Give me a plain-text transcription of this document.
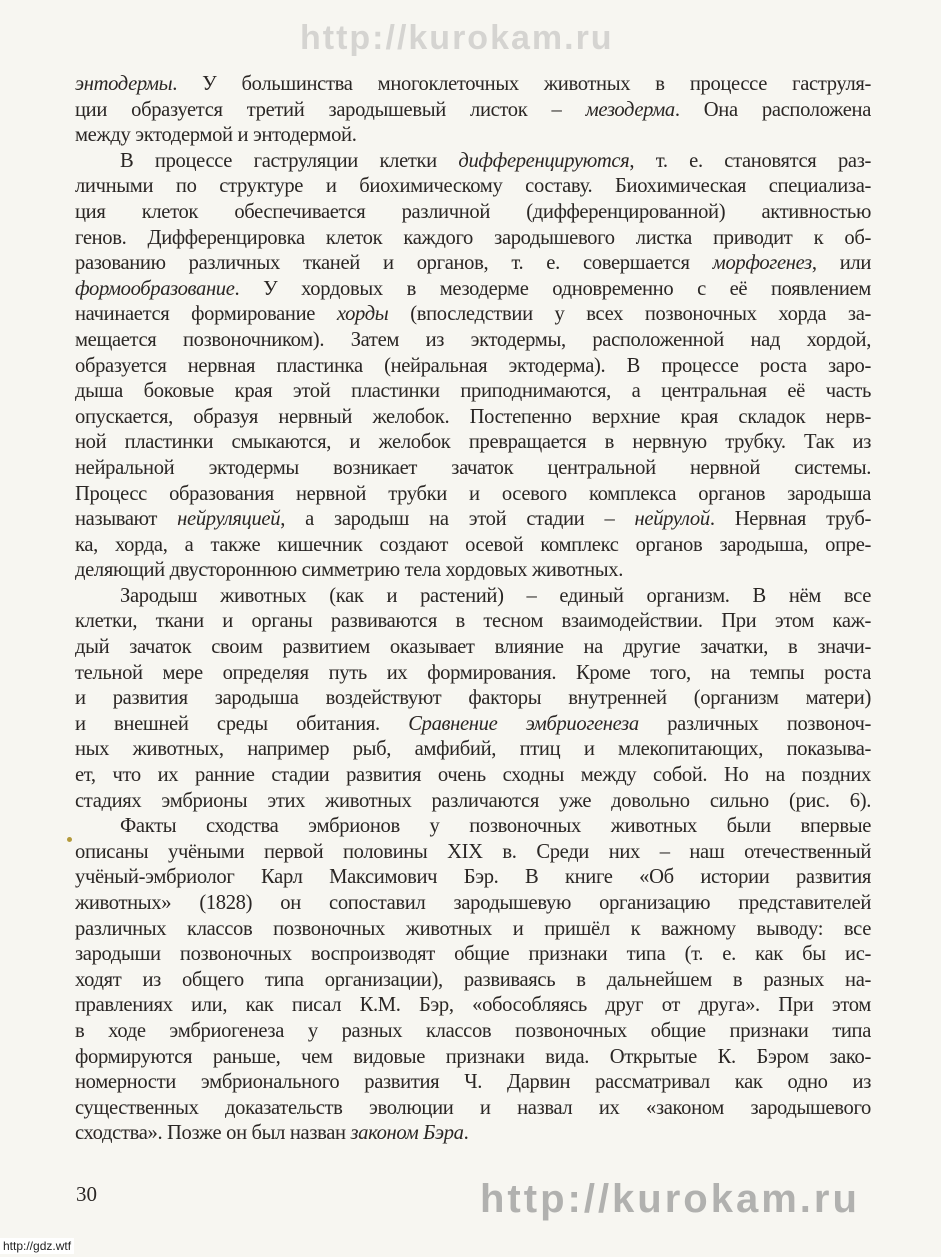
энтодермы. У большинства многоклеточных животных в процессе гаструля-
ции образуется третий зародышевый листок – мезодерма. Она расположена
между эктодермой и энтодермой.
В процессе гаструляции клетки дифференцируются, т. е. становятся раз-
личными по структуре и биохимическому составу. Биохимическая специализа-
ция клеток обеспечивается различной (дифференцированной) активностью
генов. Дифференцировка клеток каждого зародышевого листка приводит к об-
разованию различных тканей и органов, т. е. совершается морфогенез, или
формообразование. У хордовых в мезодерме одновременно с её появлением
начинается формирование хорды (впоследствии у всех позвоночных хорда за-
мещается позвоночником). Затем из эктодермы, расположенной над хордой,
образуется нервная пластинка (нейральная эктодерма). В процессе роста заро-
дыша боковые края этой пластинки приподнимаются, а центральная её часть
опускается, образуя нервный желобок. Постепенно верхние края складок нерв-
ной пластинки смыкаются, и желобок превращается в нервную трубку. Так из
нейральной эктодермы возникает зачаток центральной нервной системы.
Процесс образования нервной трубки и осевого комплекса органов зародыша
называют нейруляцией, а зародыш на этой стадии – нейрулой. Нервная труб-
ка, хорда, а также кишечник создают осевой комплекс органов зародыша, опре-
деляющий двустороннюю симметрию тела хордовых животных.
Зародыш животных (как и растений) – единый организм. В нём все
клетки, ткани и органы развиваются в тесном взаимодействии. При этом каж-
дый зачаток своим развитием оказывает влияние на другие зачатки, в значи-
тельной мере определяя путь их формирования. Кроме того, на темпы роста
и развития зародыша воздействуют факторы внутренней (организм матери)
и внешней среды обитания. Сравнение эмбриогенеза различных позвоноч-
ных животных, например рыб, амфибий, птиц и млекопитающих, показыва-
ет, что их ранние стадии развития очень сходны между собой. Но на поздних
стадиях эмбрионы этих животных различаются уже довольно сильно (рис. 6).
Факты сходства эмбрионов у позвоночных животных были впервые
описаны учёными первой половины XIX в. Среди них – наш отечественный
учёный-эмбриолог Карл Максимович Бэр. В книге «Об истории развития
животных» (1828) он сопоставил зародышевую организацию представителей
различных классов позвоночных животных и пришёл к важному выводу: все
зародыши позвоночных воспроизводят общие признаки типа (т. е. как бы ис-
ходят из общего типа организации), развиваясь в дальнейшем в разных на-
правлениях или, как писал К.М. Бэр, «обособляясь друг от друга». При этом
в ходе эмбриогенеза у разных классов позвоночных общие признаки типа
формируются раньше, чем видовые признаки вида. Открытые К. Бэром зако-
номерности эмбрионального развития Ч. Дарвин рассматривал как одно из
существенных доказательств эволюции и назвал их «законом зародышевого
сходства». Позже он был назван законом Бэра.
30
http://kurokam.ru
http://kurokam.ru
http://gdz.wtf
